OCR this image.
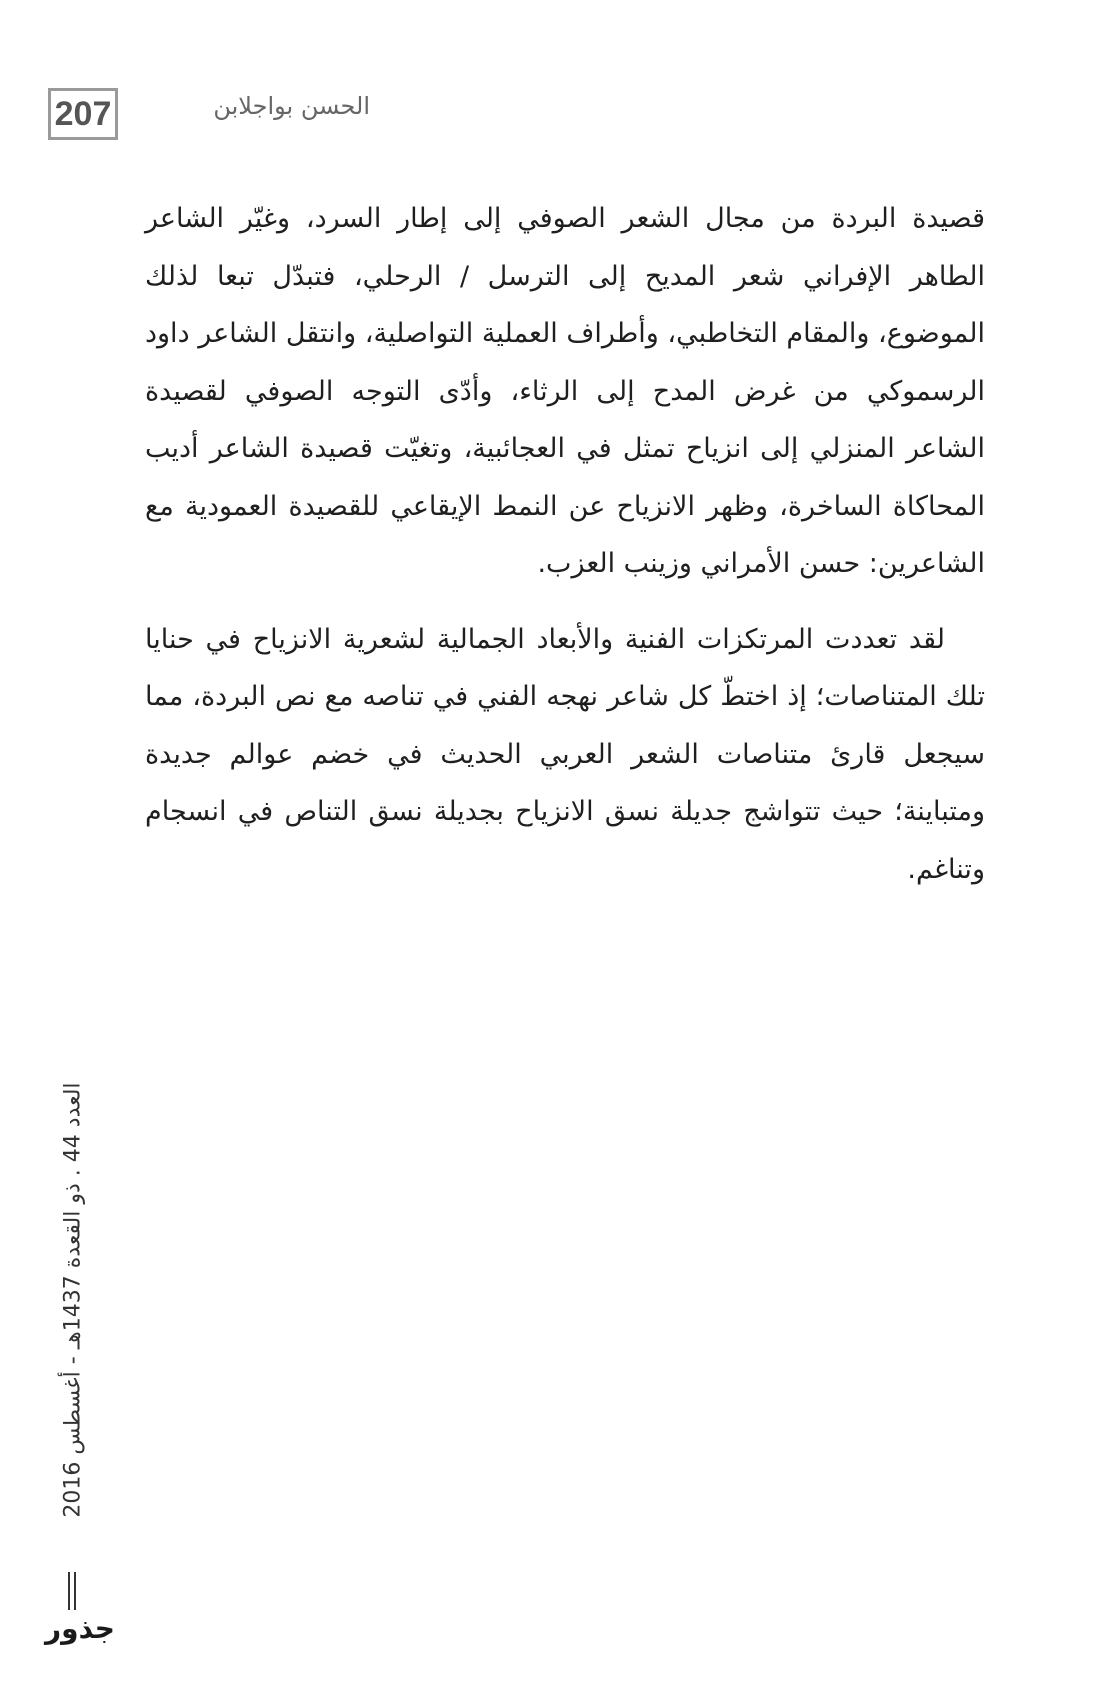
207	الحسن بواجلابن

قصيدة البردة من مجال الشعر الصوفي إلى إطار السرد، وغيّر الشاعر الطاهر الإفراني شعر المديح إلى الترسل / الرحلي، فتبدّل تبعا لذلك الموضوع، والمقام التخاطبي، وأطراف العملية التواصلية، وانتقل الشاعر داود الرسموكي من غرض المدح إلى الرثاء، وأدّى التوجه الصوفي لقصيدة الشاعر المنزلي إلى انزياح تمثل في العجائبية، وتغيّت قصيدة الشاعر أديب المحاكاة الساخرة، وظهر الانزياح عن النمط الإيقاعي للقصيدة العمودية مع الشاعرين: حسن الأمراني وزينب العزب.

لقد تعددت المرتكزات الفنية والأبعاد الجمالية لشعرية الانزياح في حنايا تلك المتناصات؛ إذ اختطّ كل شاعر نهجه الفني في تناصه مع نص البردة، مما سيجعل قارئ متناصات الشعر العربي الحديث في خضم عوالم جديدة ومتباينة؛ حيث تتواشج جديلة نسق الانزياح بجديلة نسق التناص في انسجام وتناغم.

العدد 44 . ذو القعدة 1437هـ - أغسطس 2016
جذور
